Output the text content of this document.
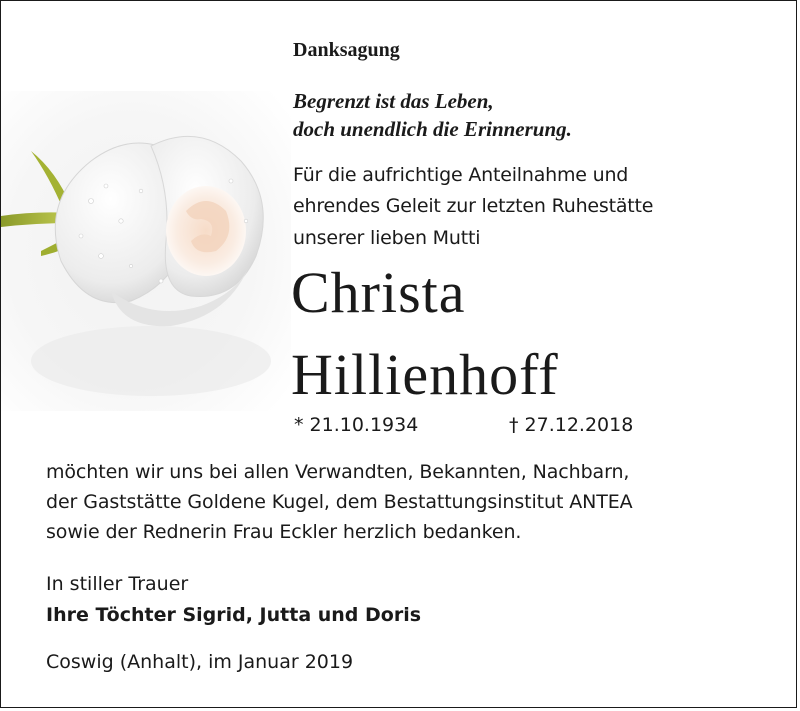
Danksagung
Begrenzt ist das Leben,
doch unendlich die Erinnerung.
Für die aufrichtige Anteilnahme und
ehrendes Geleit zur letzten Ruhestätte
unserer lieben Mutti
Christa
Hillienhoff
* 21.10.1934	† 27.12.2018
möchten wir uns bei allen Verwandten, Bekannten, Nachbarn,
der Gaststätte Goldene Kugel, dem Bestattungsinstitut ANTEA
sowie der Rednerin Frau Eckler herzlich bedanken.
In stiller Trauer
Ihre Töchter Sigrid, Jutta und Doris
Coswig (Anhalt), im Januar 2019
